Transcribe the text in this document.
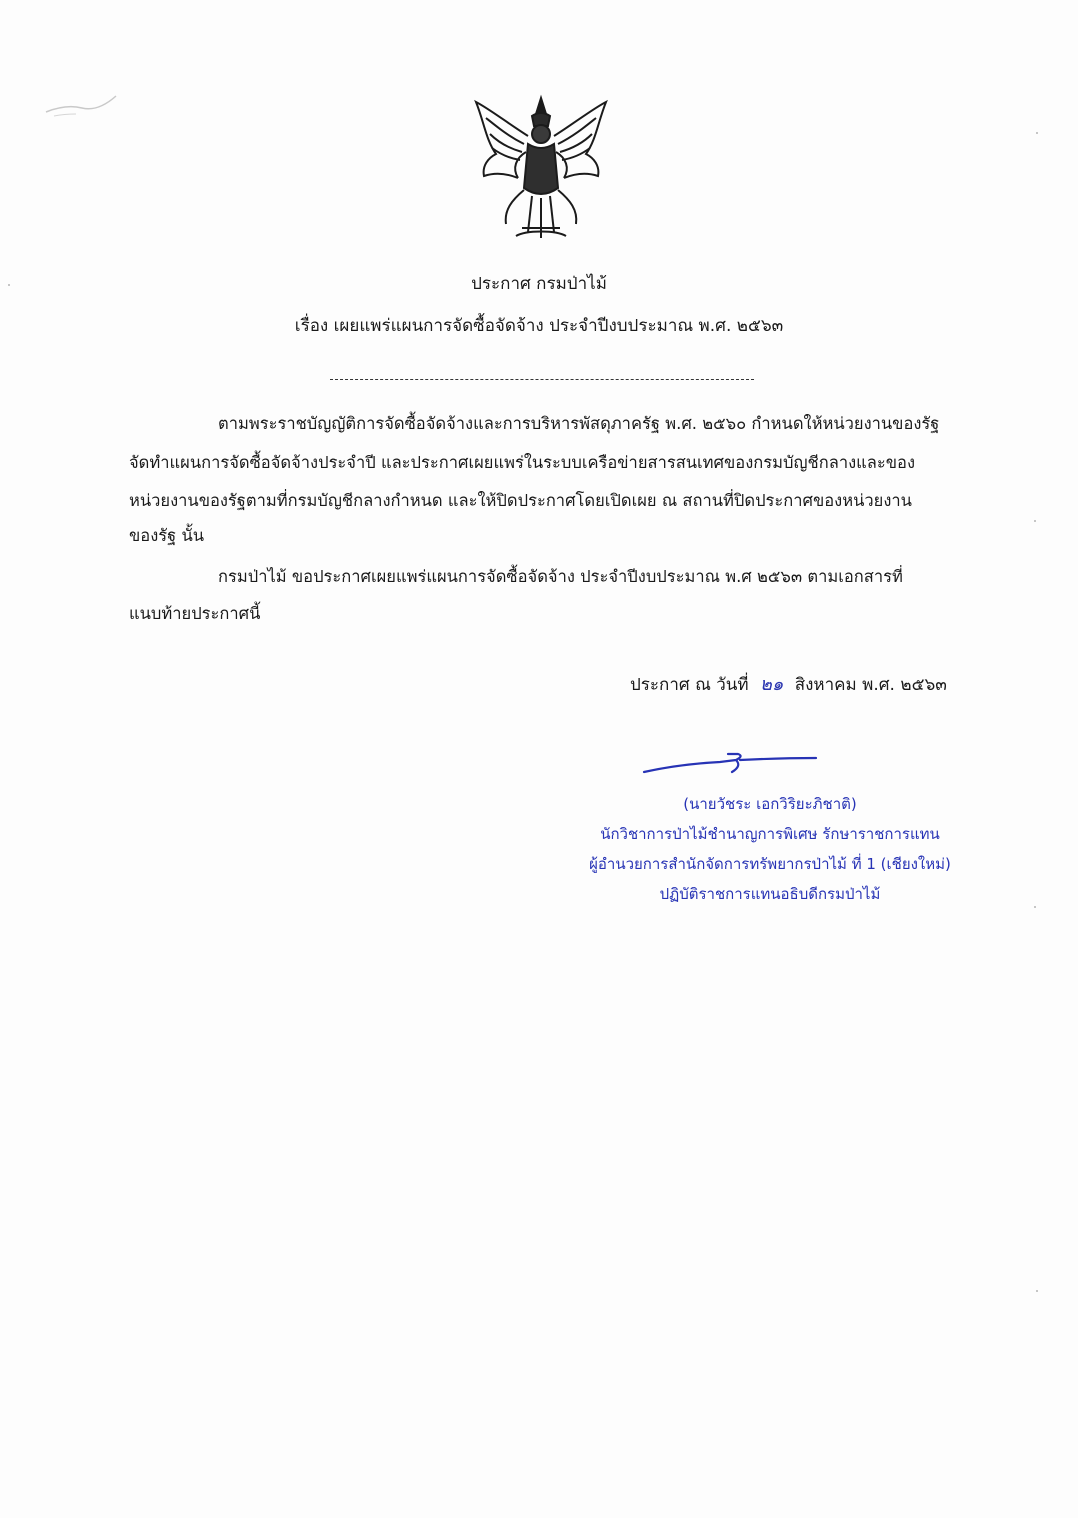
ประกาศ กรมป่าไม้
เรื่อง เผยแพร่แผนการจัดซื้อจัดจ้าง ประจำปีงบประมาณ พ.ศ. ๒๕๖๓
ตามพระราชบัญญัติการจัดซื้อจัดจ้างและการบริหารพัสดุภาครัฐ พ.ศ. ๒๕๖๐ กำหนดให้หน่วยงานของรัฐ
จัดทำแผนการจัดซื้อจัดจ้างประจำปี และประกาศเผยแพร่ในระบบเครือข่ายสารสนเทศของกรมบัญชีกลางและของ
หน่วยงานของรัฐตามที่กรมบัญชีกลางกำหนด และให้ปิดประกาศโดยเปิดเผย ณ สถานที่ปิดประกาศของหน่วยงาน
ของรัฐ นั้น
กรมป่าไม้ ขอประกาศเผยแพร่แผนการจัดซื้อจัดจ้าง ประจำปีงบประมาณ พ.ศ ๒๕๖๓ ตามเอกสารที่
แนบท้ายประกาศนี้
ประกาศ ณ วันที่ ๒๑ สิงหาคม พ.ศ. ๒๕๖๓
(นายวัชระ เอกวิริยะภิชาติ)
นักวิชาการป่าไม้ชำนาญการพิเศษ รักษาราชการแทน
ผู้อำนวยการสำนักจัดการทรัพยากรป่าไม้ ที่ 1 (เชียงใหม่)
ปฏิบัติราชการแทนอธิบดีกรมป่าไม้
